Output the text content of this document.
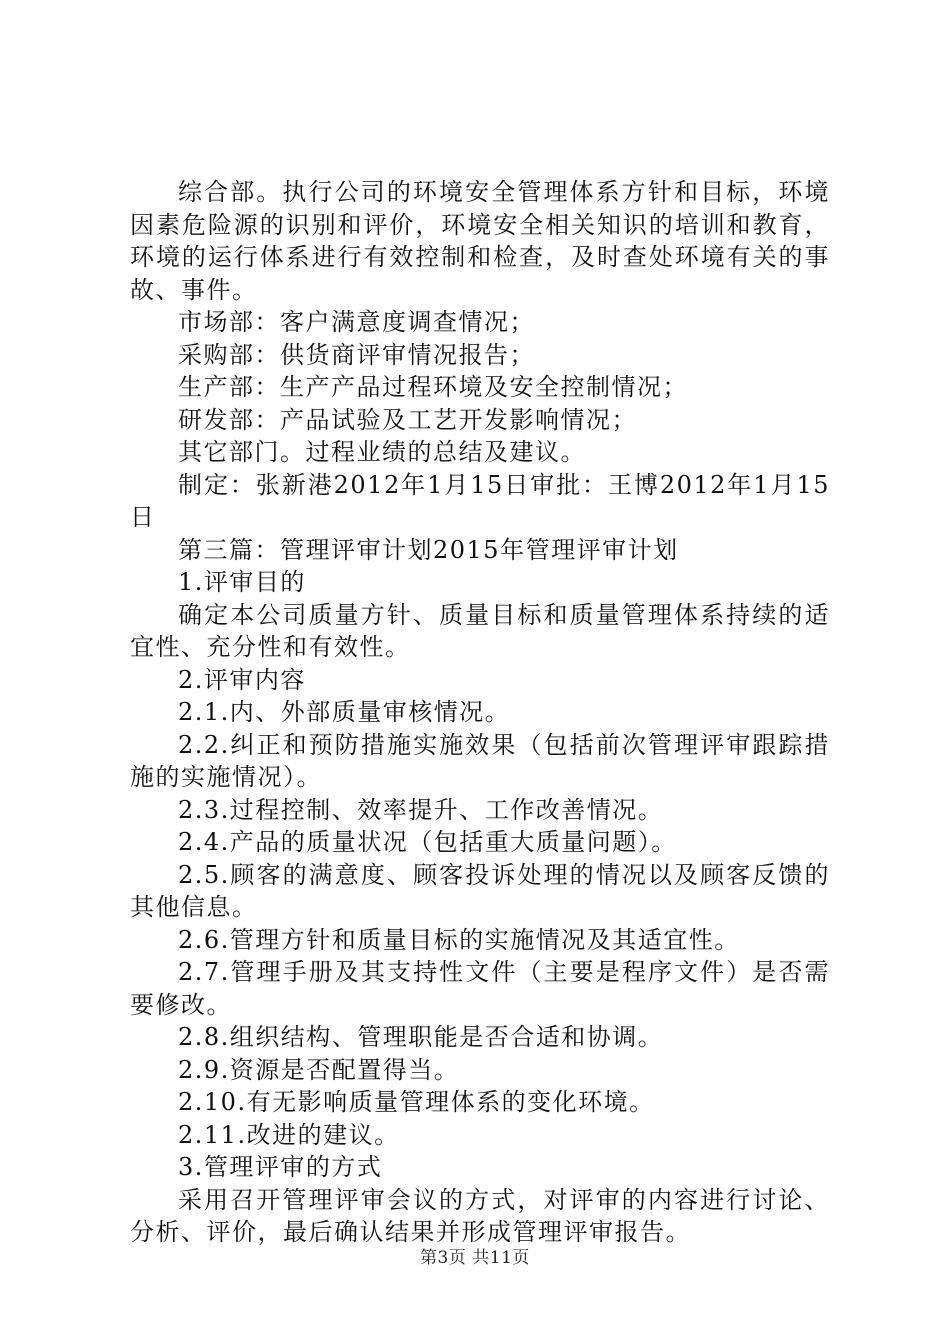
综合部。执行公司的环境安全管理体系方针和目标，环境因素危险源的识别和评价，环境安全相关知识的培训和教育，环境的运行体系进行有效控制和检查，及时查处环境有关的事故、事件。

市场部：客户满意度调查情况；

采购部：供货商评审情况报告；

生产部：生产产品过程环境及安全控制情况；

研发部：产品试验及工艺开发影响情况；

其它部门。过程业绩的总结及建议。

制定：张新港2012年1月15日审批：王博2012年1月15日

第三篇：管理评审计划2015年管理评审计划

1.评审目的

确定本公司质量方针、质量目标和质量管理体系持续的适宜性、充分性和有效性。

2.评审内容

2.1.内、外部质量审核情况。

2.2.纠正和预防措施实施效果（包括前次管理评审跟踪措施的实施情况）。

2.3.过程控制、效率提升、工作改善情况。

2.4.产品的质量状况（包括重大质量问题）。

2.5.顾客的满意度、顾客投诉处理的情况以及顾客反馈的其他信息。

2.6.管理方针和质量目标的实施情况及其适宜性。

2.7.管理手册及其支持性文件（主要是程序文件）是否需要修改。

2.8.组织结构、管理职能是否合适和协调。

2.9.资源是否配置得当。

2.10.有无影响质量管理体系的变化环境。

2.11.改进的建议。

3.管理评审的方式

采用召开管理评审会议的方式，对评审的内容进行讨论、分析、评价，最后确认结果并形成管理评审报告。

第3页 共11页
